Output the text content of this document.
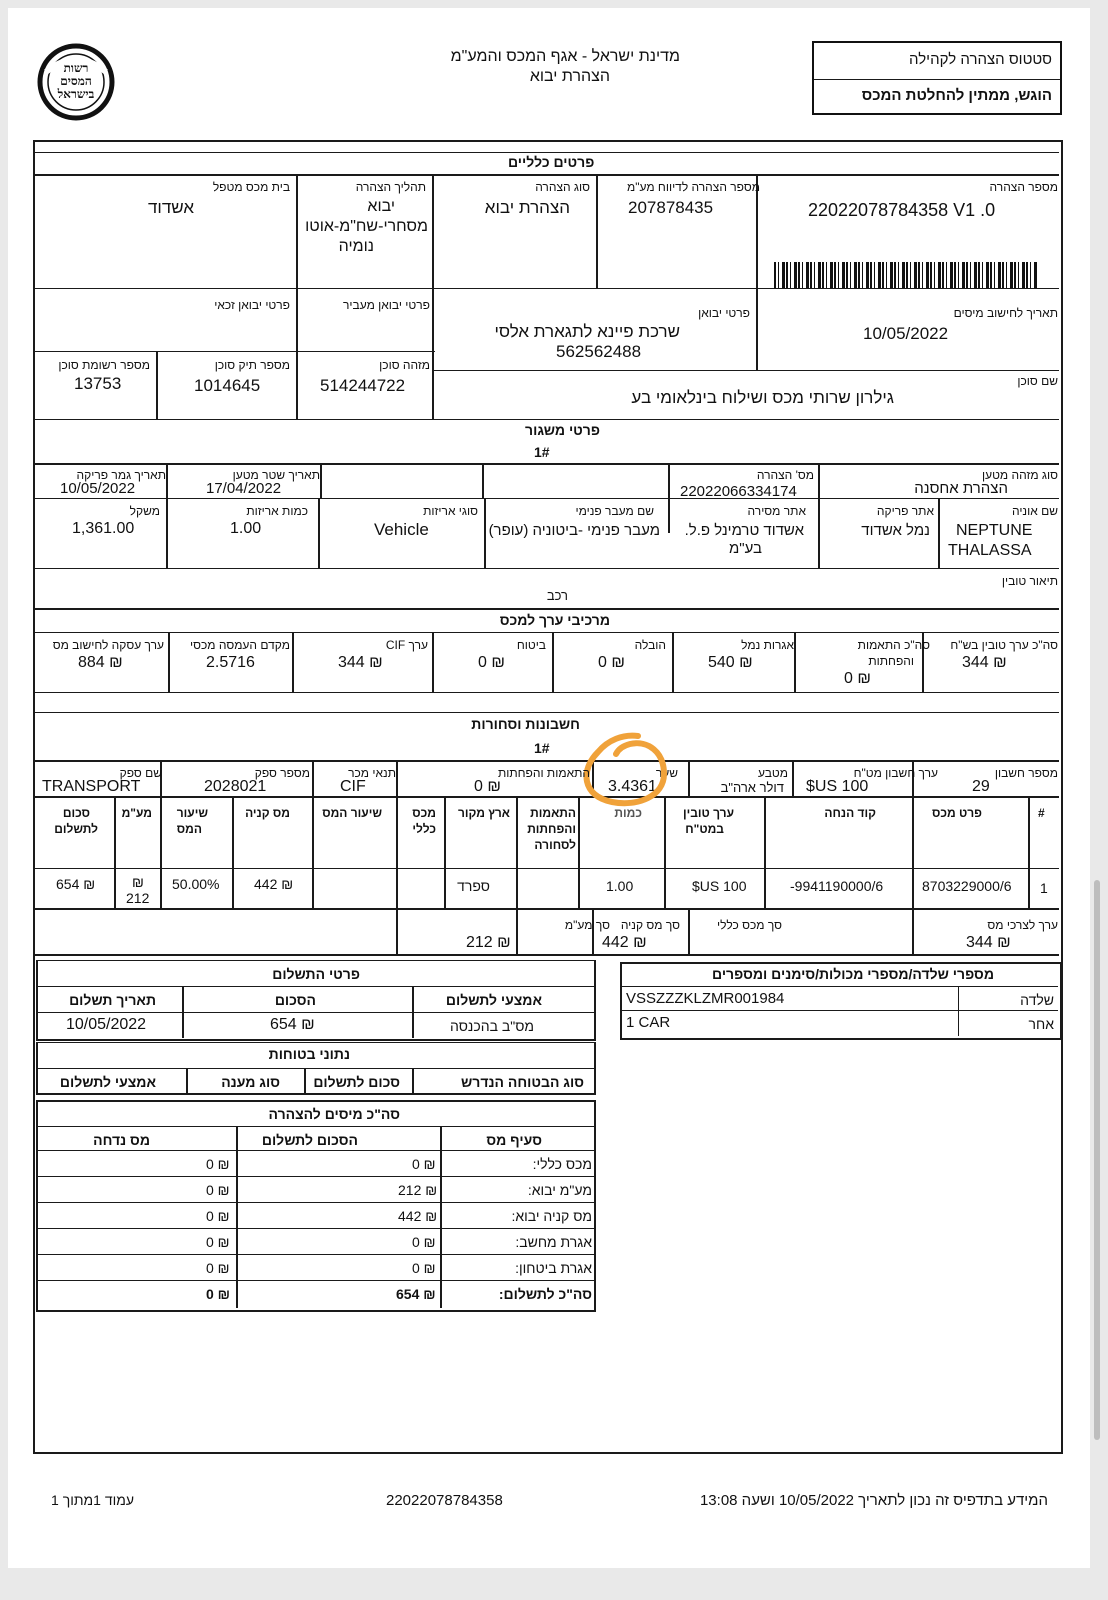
רשות המסים בישראל
מדינת ישראל - אגף המכס והמע"מ
הצהרת יבוא
סטטוס הצהרה לקהילה
הוגש, ממתין להחלטת המכס
פרטים כלליים
מספר הצהרה
22022078784358 V1 .0
מספר הצהרה לדיווח מע"מ
207878435
סוג הצהרה
הצהרת יבוא
תהליך הצהרה
יבוא
מסחרי-שח"מ-אוטו
נומיה
בית מכס מטפל
אשדוד
תאריך לחישוב מיסים
10/05/2022
פרטי יבואן
שרכת פיינא לתגארת אלסי
562562488
פרטי יבואן מעביר
פרטי יבואן זכאי
שם סוכן
גילרון שרותי מכס ושילוח בינלאומי בע
מזהה סוכן
514244722
מספר תיק סוכן
1014645
מספר רשומת סוכן
13753
פרטי משגור
1#
סוג מזהה מטען
הצהרת אחסנה
מס' הצהרה
22022066334174
תאריך שטר מטען
17/04/2022
תאריך גמר פריקה
10/05/2022
שם אוניה
NEPTUNE
THALASSA
אתר פריקה
נמל אשדוד
אתר מסירה
אשדוד טרמינל פ.ל.
בע"מ
שם מעבר פנימי
מעבר פנימי -ביטוניה (עופר)
סוגי אריזות
Vehicle
כמות אריזות
1.00
משקל
1,361.00
תיאור טובין
רכב
מרכיבי ערך למכס
סה"כ ערך טובין בש"ח
344 ₪
סה"כ התאמות
והפחתות
0 ₪
אגרות נמל
540 ₪
הובלה
0 ₪
ביטוח
0 ₪
ערך CIF
344 ₪
מקדם העמסה מכסי
2.5716
ערך עסקה לחישוב מס
884 ₪
חשבונות וסחורות
1#
מספר חשבון
29
ערך חשבון מט"ח
$US 100
מטבע
דולר ארה"ב
שער
3.4361
התאמות והפחתות
0 ₪
תנאי מכר
CIF
מספר ספק
2028021
שם ספק
TRANSPORT
#
פרט מכס
קוד הנחה
ערך טובין
במט"ח
כמות
התאמות
והפחתות
לסחורה
ארץ מקור
מכס
כללי
שיעור המס
מס קניה
שיעור
המס
מע"מ
סכום
לתשלום
1
8703229000/6
-9941190000/6
$US 100
1.00
ספרד
442 ₪
50.00%
₪
212
654 ₪
ערך לצרכי מס
344 ₪
סך מכס כללי
סך מס קניה
442 ₪
סך מע"מ
212 ₪
מספרי שלדה/מספרי מכולות/סימנים ומספרים
שלדה
VSSZZZKLZMR001984
אחר
1 CAR
פרטי התשלום
אמצעי לתשלום
הסכום
תאריך תשלום
מס"ב בהכנסה
654 ₪
10/05/2022
נתוני בטוחות
סוג הבטוחה הנדרש
סכום לתשלום
סוג מענה
אמצעי לתשלום
סה"כ מיסים להצהרה
סעיף מס
הסכום לתשלום
מס נדחה
מכס כללי:
0 ₪
0 ₪
מע"מ יבוא:
212 ₪
0 ₪
מס קניה יבוא:
442 ₪
0 ₪
אגרת מחשב:
0 ₪
0 ₪
אגרת ביטחון:
0 ₪
0 ₪
סה"כ לתשלום:
654 ₪
0 ₪
המידע בתדפיס זה נכון לתאריך 10/05/2022 ושעה 13:08
22022078784358
עמוד 1מתוך 1
